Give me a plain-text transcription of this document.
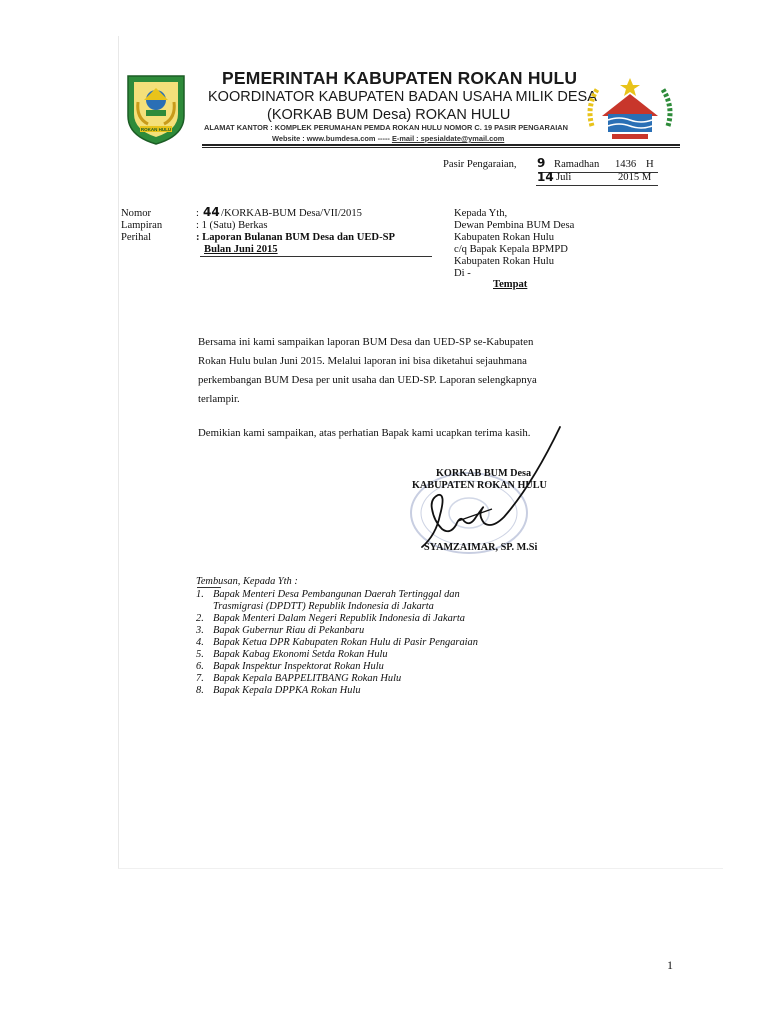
ROKAN HULU
PEMERINTAH KABUPATEN ROKAN HULU
KOORDINATOR KABUPATEN BADAN USAHA MILIK DESA
(KORKAB BUM Desa) ROKAN HULU
ALAMAT KANTOR : KOMPLEK PERUMAHAN PEMDA ROKAN HULU NOMOR C. 19 PASIR PENGARAIAN
Website : www.bumdesa.com ----- E-mail : spesialdate@ymail.com
Pasir Pengaraian, 9 Ramadhan 1436 H
14 Juli	2015 M
Nomor	: 44 /KORKAB-BUM Desa/VII/2015
Lampiran	: 1 (Satu) Berkas
Perihal	: Laporan Bulanan BUM Desa dan UED-SP
Bulan Juni 2015
Kepada Yth,
Dewan Pembina BUM Desa
Kabupaten Rokan Hulu
c/q Bapak Kepala BPMPD
Kabupaten Rokan Hulu
Di -
Tempat
Bersama ini kami sampaikan laporan BUM Desa dan UED-SP se-Kabupaten
Rokan Hulu bulan Juni 2015. Melalui laporan ini bisa diketahui sejauhmana
perkembangan BUM Desa per unit usaha dan UED-SP. Laporan selengkapnya
terlampir.
Demikian kami sampaikan, atas perhatian Bapak kami ucapkan terima kasih.
KORKAB BUM Desa
KABUPATEN ROKAN HULU
SYAMZAIMAR, SP. M.Si
Tembusan, Kepada Yth :
1. Bapak Menteri Desa Pembangunan Daerah Tertinggal dan
Trasmigrasi (DPDTT) Republik Indonesia di Jakarta
2. Bapak Menteri Dalam Negeri Republik Indonesia di Jakarta
3. Bapak Gubernur Riau di Pekanbaru
4. Bapak Ketua DPR Kabupaten Rokan Hulu di Pasir Pengaraian
5. Bapak Kabag Ekonomi Setda Rokan Hulu
6. Bapak Inspektur Inspektorat Rokan Hulu
7. Bapak Kepala BAPPELITBANG Rokan Hulu
8. Bapak Kepala DPPKA Rokan Hulu
1
